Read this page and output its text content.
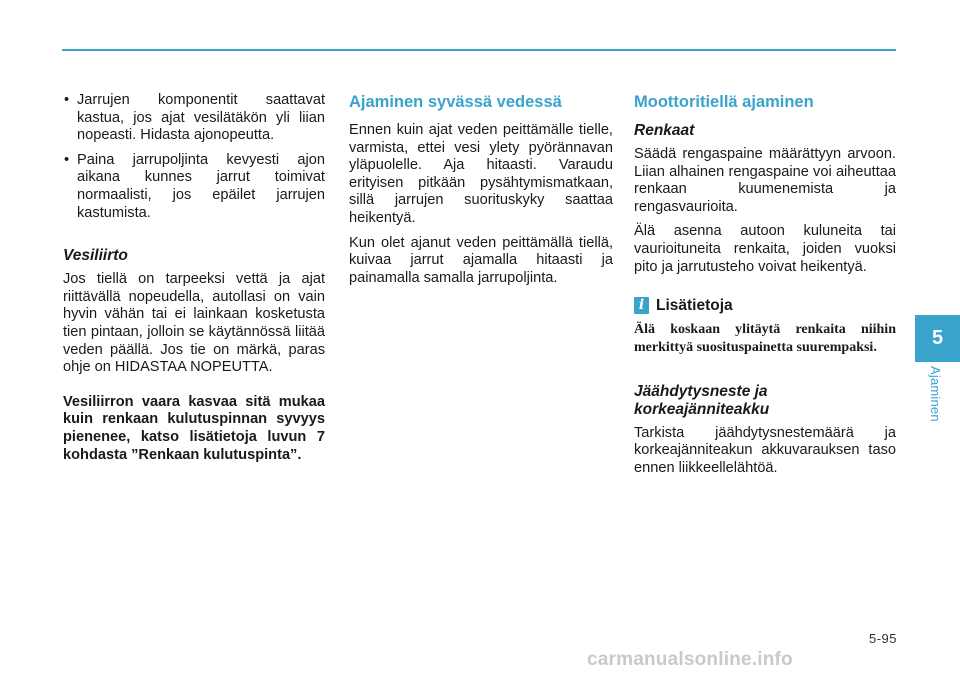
• Jarrujen komponentit saattavat kastua, jos ajat vesilätäkön yli liian nopeasti. Hidasta ajonopeutta.
• Paina jarrupoljinta kevyesti ajon aikana kunnes jarrut toimivat normaalisti, jos epäilet jarrujen kastumista.
Vesiliirto

Jos tiellä on tarpeeksi vettä ja ajat riittävällä nopeudella, autollasi on vain hyvin vähän tai ei lainkaan kosketusta tien pintaan, jolloin se käytännössä liitää veden päällä. Jos tie on märkä, paras ohje on HIDASTAA NOPEUTTA.

Vesiliirron vaara kasvaa sitä mukaa kuin renkaan kulutuspinnan syvyys pienenee, katso lisätietoja luvun 7 kohdasta ”Renkaan kulutuspinta”.

Ajaminen syvässä vedessä

Ennen kuin ajat veden peittämälle tielle, varmista, ettei vesi ylety pyörännavan yläpuolelle. Aja hitaasti. Varaudu erityisen pitkään pysähtymismatkaan, sillä jarrujen suorituskyky saattaa heikentyä.

Kun olet ajanut veden peittämällä tiellä, kuivaa jarrut ajamalla hitaasti ja painamalla samalla jarrupoljinta.

Moottoritiellä ajaminen
Renkaat

Säädä rengaspaine määrättyyn arvoon. Liian alhainen rengaspaine voi aiheuttaa renkaan kuumenemista ja rengasvaurioita.

Älä asenna autoon kuluneita tai vaurioituneita renkaita, joiden vuoksi pito ja jarrutusteho voivat heikentyä.

i Lisätietoja

Älä koskaan ylitäytä renkaita niihin merkittyä suosituspainetta suurempaksi.

Jäähdytysneste ja korkeajänniteakku

Tarkista jäähdytysnestemäärä ja korkeajänniteakun akkuvarauksen taso ennen liikkeellelähtöä.

5
Ajaminen
5-95
carmanualsonline.info
